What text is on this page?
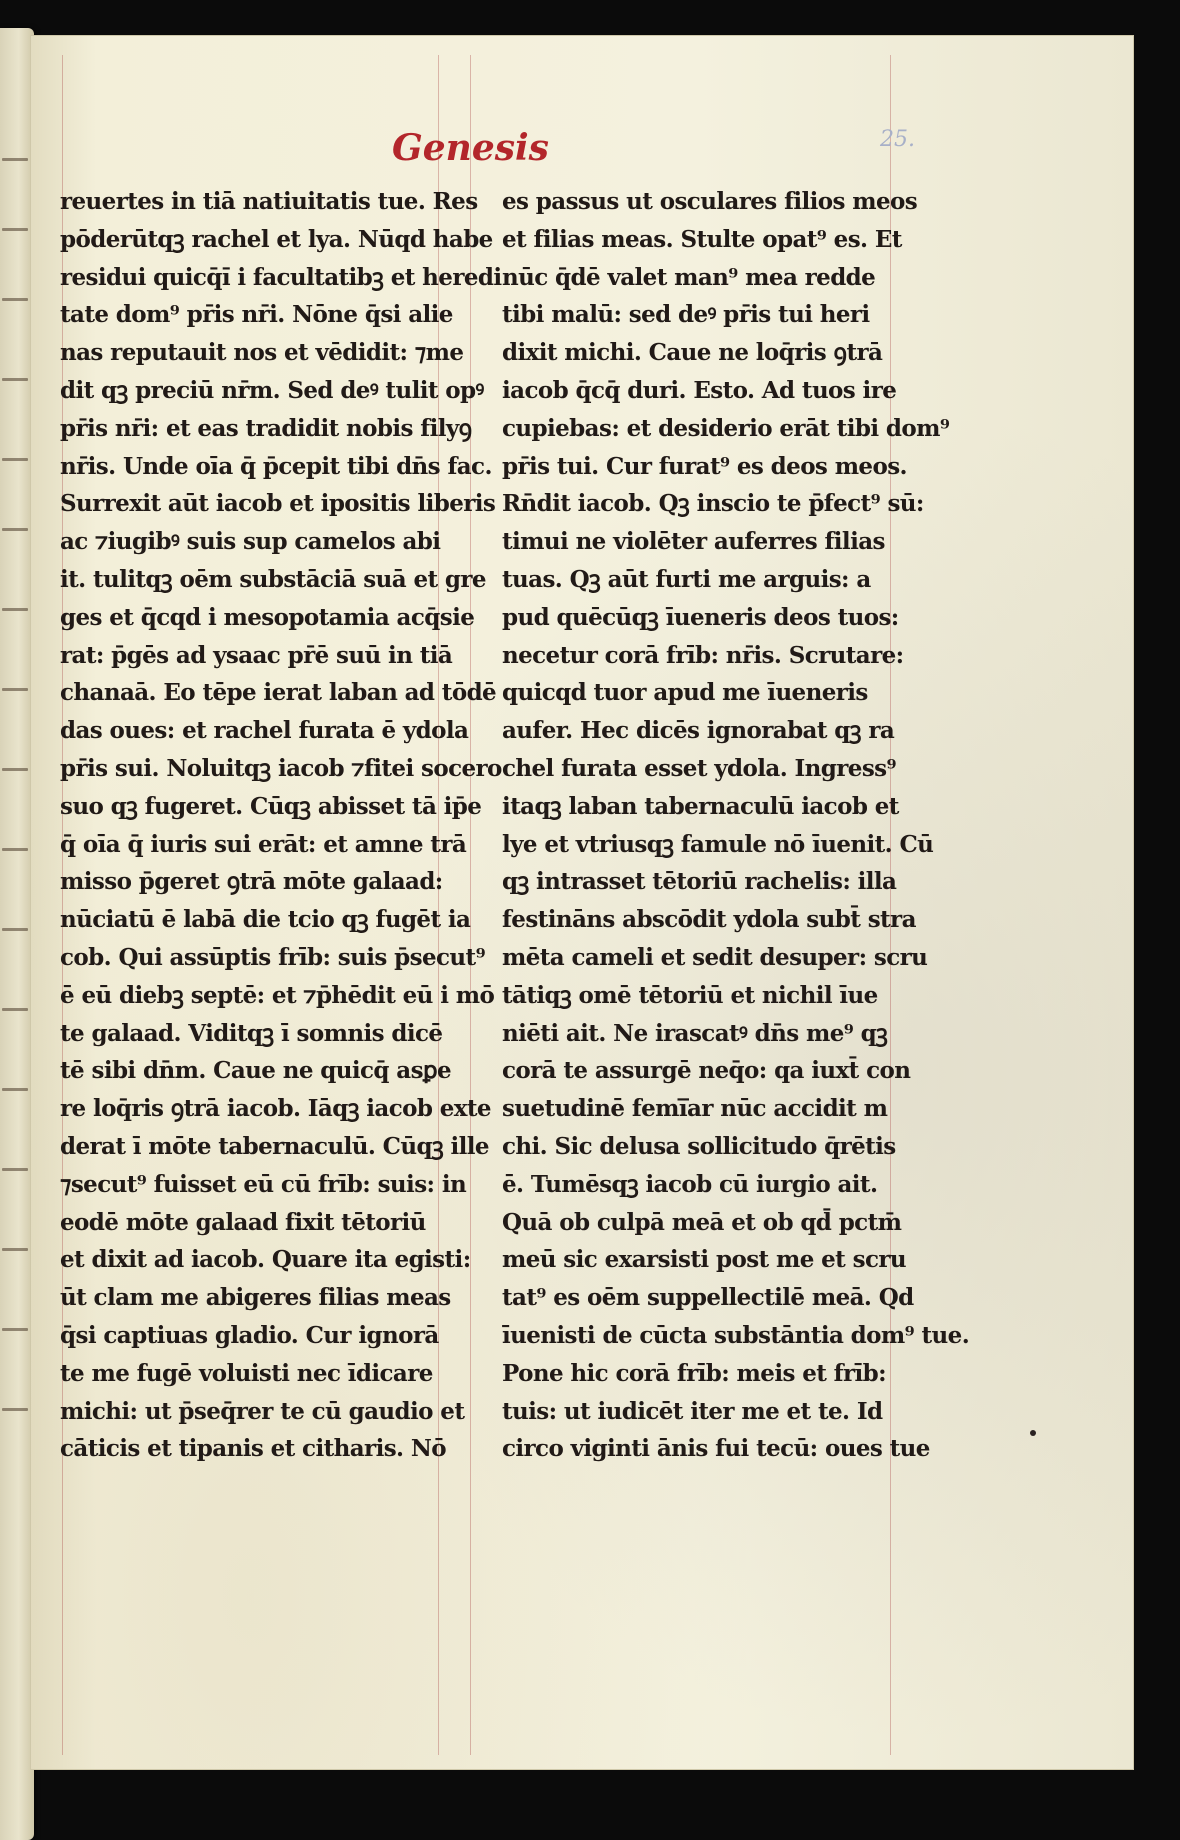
Genesis	25.
reuertes in tiā natiuitatis tue. Res
pōderūtqꝫ rachel et lya. Nūqd habe
residui quicq̄ı̄ i facultatibꝫ et heredi
tate dom⁹ pr̄is nr̄i. Nōne q̄si alie
nas reputauit nos et vēdidit: ⁊me
dit qꝫ preciū nr̄m. Sed deꝰ tulit opꝰ
pr̄is nr̄i: et eas tradidit nobis filyꝯ
nr̄is. Unde oīa q̄ p̄cepit tibi dn̄s fac.
Surrexit aūt iacob et ipositis liberis
ac ⁊iugibꝰ suis sup camelos abi
it. tulitqꝫ oēm substāciā suā et gre
ges et q̄cqd i mesopotamia acq̄sie
rat: p̄gēs ad ysaac pr̄ē suū in tiā
chanaā. Eo tēpe ierat laban ad tōdē
das oues: et rachel furata ē ydola
pr̄is sui. Noluitqꝫ iacob ⁊fitei socero
suo qꝫ fugeret. Cūqꝫ abisset tā ip̄e
q̄ oīa q̄ iuris sui erāt: et amne trā
misso p̄geret ꝯtrā mōte galaad:
nūciatū ē labā die tcio qꝫ fugēt ia
cob. Qui assūptis frīb: suis p̄secut⁹
ē eū diebꝫ septē: et ⁊p̄hēdit eū i mō
te galaad. Viditqꝫ ī somnis dicē
tē sibi dn̄m. Caue ne quicq̄ asꝑe
re loq̄ris ꝯtrā iacob. Iāqꝫ iacob exte
derat ī mōte tabernaculū. Cūqꝫ ille
⁊secut⁹ fuisset eū cū frīb: suis: in
eodē mōte galaad fixit tētoriū
et dixit ad iacob. Quare ita egisti:
ūt clam me abigeres filias meas
q̄si captiuas gladio. Cur ignorā
te me fugē voluisti nec īdicare
michi: ut p̄seq̄rer te cū gaudio et
cāticis et tipanis et citharis. Nō
es passus ut osculares filios meos
et filias meas. Stulte opat⁹ es. Et
nūc q̄dē valet man⁹ mea redde
tibi malū: sed deꝰ pr̄is tui heri
dixit michi. Caue ne loq̄ris ꝯtrā
iacob q̄cq̄ duri. Esto. Ad tuos ire
cupiebas: et desiderio erāt tibi dom⁹
pr̄is tui. Cur furat⁹ es deos meos.
Rn̄dit iacob. Qꝫ inscio te p̄fect⁹ sū:
timui ne violēter auferres filias
tuas. Qꝫ aūt furti me arguis: a
pud quēcūqꝫ īueneris deos tuos:
necetur corā frīb: nr̄is. Scrutare:
quicqd tuor apud me īueneris
aufer. Hec dicēs ignorabat qꝫ ra
chel furata esset ydola. Ingress⁹
itaqꝫ laban tabernaculū iacob et
lye et vtriusqꝫ famule nō īuenit. Cū
qꝫ intrasset tētoriū rachelis: illa
festināns abscōdit ydola subt̄ stra
mēta cameli et sedit desuper: scru
tātiqꝫ omē tētoriū et nichil īue
niēti ait. Ne irascatꝰ dn̄s me⁹ qꝫ
corā te assurgē neq̄o: qa iuxt̄ con
suetudinē femi̅ar nūc accidit m
chi. Sic delusa sollicitudo q̄rētis
ē. Tumēsqꝫ iacob cū iurgio ait.
Quā ob culpā meā et ob qd̄ pctm̄
meū sic exarsisti post me et scru
tat⁹ es oēm suppellectilē meā. Qd
īuenisti de cūcta substāntia dom⁹ tue.
Pone hic corā frīb: meis et frīb:
tuis: ut iudicēt iter me et te. Id
circo viginti ānis fui tecū: oues tue
